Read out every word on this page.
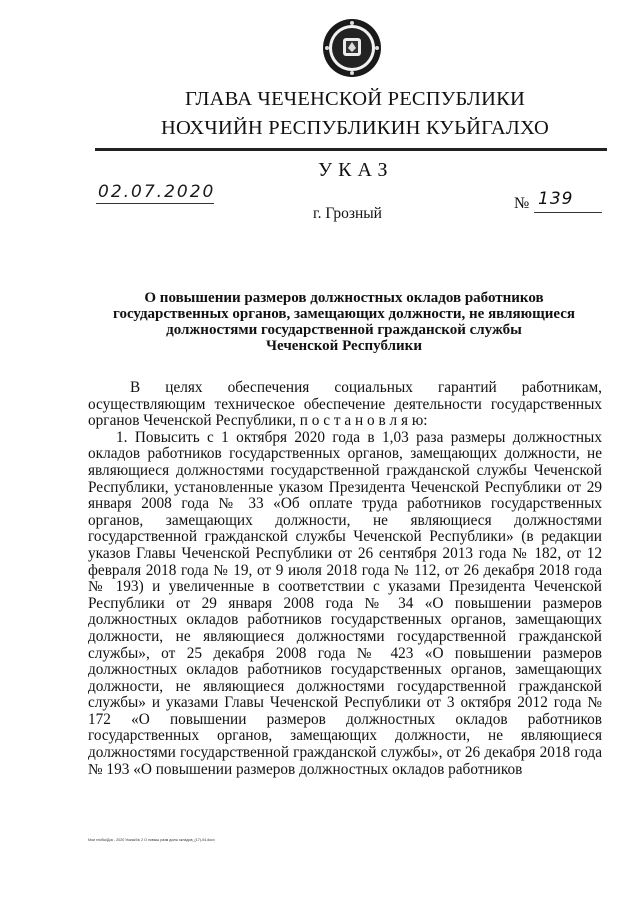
ГЛАВА ЧЕЧЕНСКОЙ РЕСПУБЛИКИ
НОХЧИЙН РЕСПУБЛИКИН КУЬЙГАЛХО
УКАЗ
02.07.2020
№ 139
г. Грозный
О повышении размеров должностных окладов работников
государственных органов, замещающих должности, не являющиеся
должностями государственной гражданской службы
Чеченской Республики

В целях обеспечения социальных гарантий работникам, осуществляющим техническое обеспечение деятельности государственных органов Чеченской Республики, п о с т а н о в л я ю:

1. Повысить с 1 октября 2020 года в 1,03 раза размеры должностных окладов работников государственных органов, замещающих должности, не являющиеся должностями государственной гражданской службы Чеченской Республики, установленные указом Президента Чеченской Республики от 29 января 2008 года № 33 «Об оплате труда работников государственных органов, замещающих должности, не являющиеся должностями государственной гражданской службы Чеченской Республики» (в редакции указов Главы Чеченской Республики от 26 сентября 2013 года № 182, от 12 февраля 2018 года № 19, от 9 июля 2018 года № 112, от 26 декабря 2018 года № 193) и увеличенные в соответствии с указами Президента Чеченской Республики от 29 января 2008 года № 34 «О повышении размеров должностных окладов работников государственных органов, замещающих должности, не являющиеся должностями государственной гражданской службы», от 25 декабря 2008 года № 423 «О повышении размеров должностных окладов работников государственных органов, замещающих должности, не являющиеся должностями государственной гражданской службы» и указами Главы Чеченской Республики от 3 октября 2012 года № 172 «О повышении размеров должностных окладов работников государственных органов, замещающих должности, не являющиеся должностями государственной гражданской службы», от 26 декабря 2018 года № 193 «О повышении размеров должностных окладов работников

Мои глобы\Док - 2020 Указы\№ 2 О повыш разм долж окладов_(17)-04.docx
